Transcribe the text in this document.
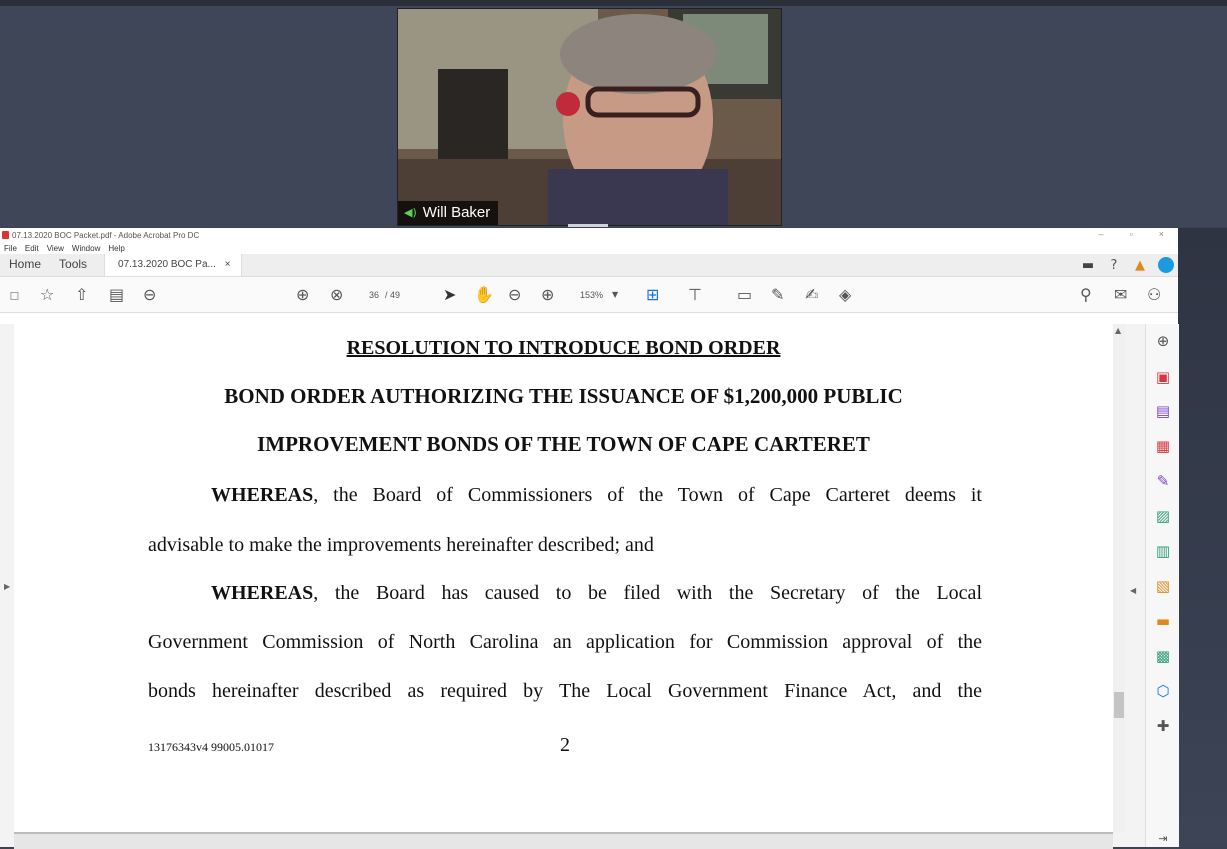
◀) Will Baker
07.13.2020 BOC Packet.pdf - Adobe Acrobat Pro DC	–	▫	×
File Edit View Window Help
Home	Tools	07.13.2020 BOC Pa... ×	▬	?	▲
▫ ☆ ⇧ ▤ ⊖	⊕ ⊗	36 / 49	➤ ✋ ⊖ ⊕	153% ▼ ⊞ ⊤ ▭ ✎ ✍ ◈	⚲ ✉ ⚇
▶
RESOLUTION TO INTRODUCE BOND ORDER
BOND ORDER AUTHORIZING THE ISSUANCE OF $1,200,000 PUBLIC
IMPROVEMENT BONDS OF THE TOWN OF CAPE CARTERET
WHEREAS, the Board of Commissioners of the Town of Cape Carteret deems it
advisable to make the improvements hereinafter described; and
WHEREAS, the Board has caused to be filed with the Secretary of the Local
Government Commission of North Carolina an application for Commission approval of the
bonds hereinafter described as required by The Local Government Finance Act, and the
13176343v4 99005.01017	2
▲
◀
⊕
▣
▤
▦
✎
▨
▥
▧
▬
▩
⬡
✚
⇥
